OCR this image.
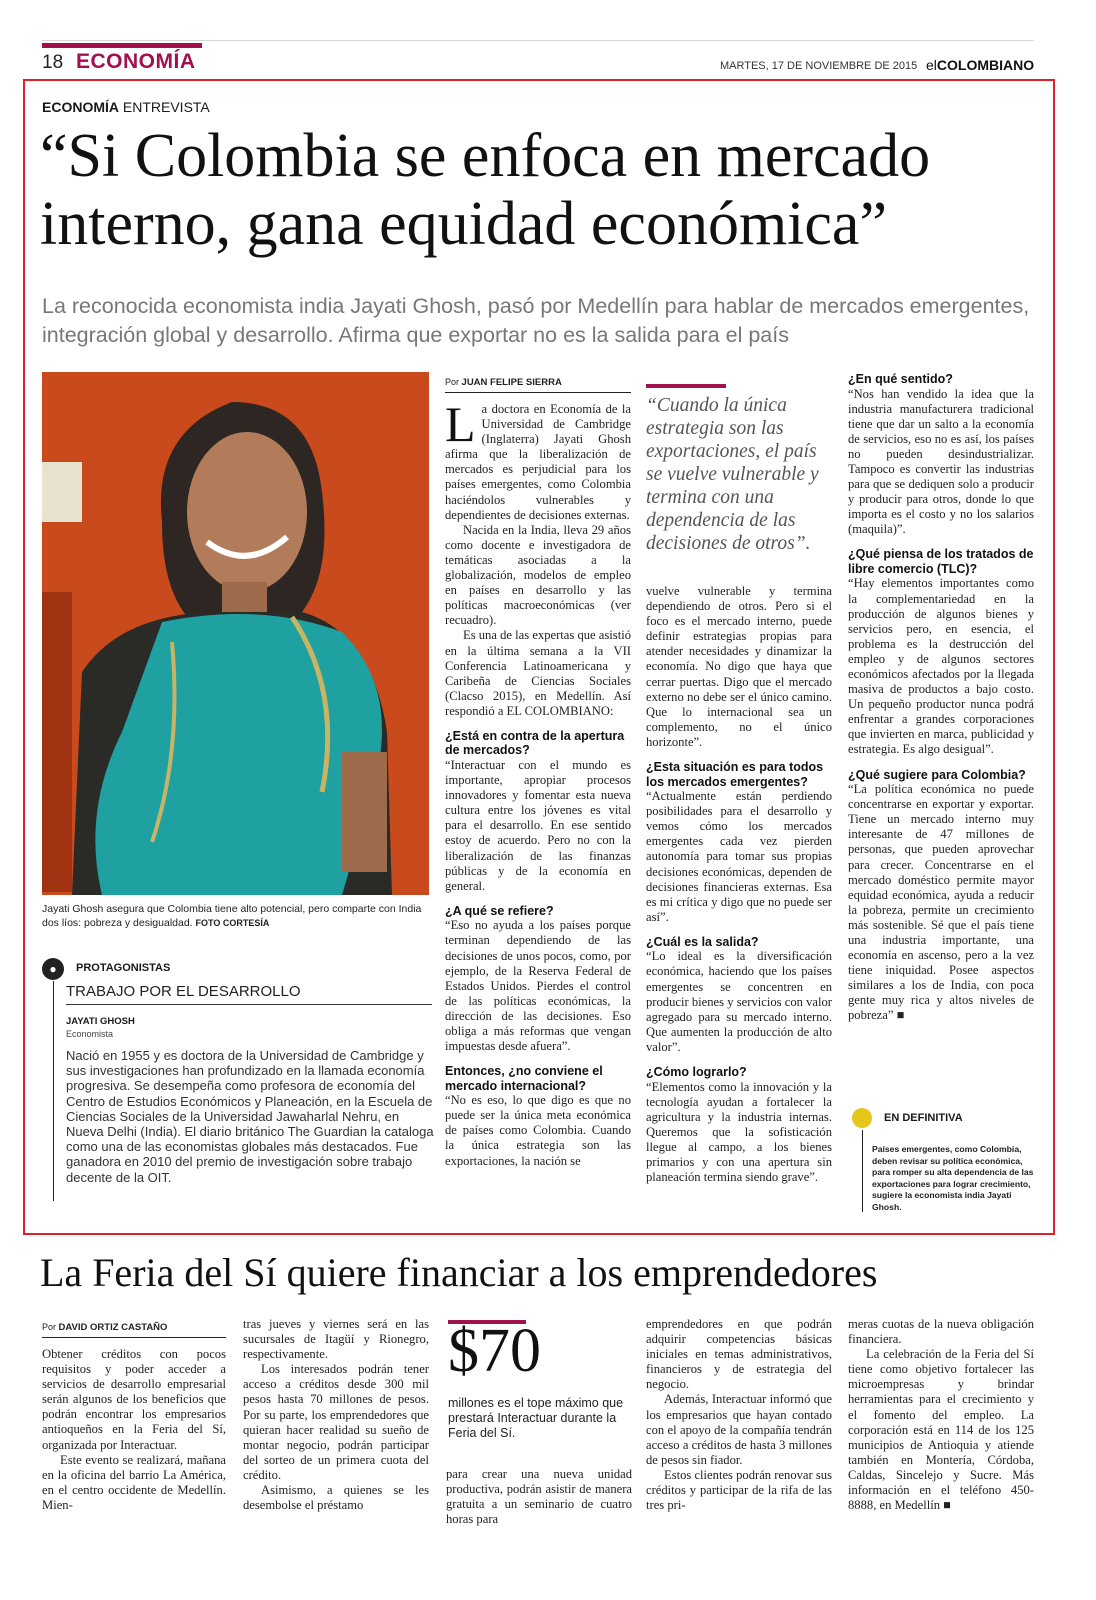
18 ECONOMÍA	MARTES, 17 DE NOVIEMBRE DE 2015 elCOLOMBIANO
ECONOMÍA ENTREVISTA
“Si Colombia se enfoca en mercado interno, gana equidad económica”
La reconocida economista india Jayati Ghosh, pasó por Medellín para hablar de mercados emergentes, integración global y desarrollo. Afirma que exportar no es la salida para el país
Jayati Ghosh asegura que Colombia tiene alto potencial, pero comparte con India dos líos: pobreza y desigualdad. FOTO CORTESÍA
●	PROTAGONISTAS
TRABAJO POR EL DESARROLLO
JAYATI GHOSH
Economista
Nació en 1955 y es doctora de la Universidad de Cambridge y sus investigaciones han profundizado en la llamada economía progresiva. Se desempeña como profesora de economía del Centro de Estudios Económicos y Planeación, en la Escuela de Ciencias Sociales de la Universidad Jawaharlal Nehru, en Nueva Delhi (India). El diario británico The Guardian la cataloga como una de las economistas globales más destacados. Fue ganadora en 2010 del premio de investigación sobre trabajo decente de la OIT.
Por JUAN FELIPE SIERRA

La doctora en Economía de la Universidad de Cambridge (Inglaterra) Jayati Ghosh afirma que la liberalización de mercados es perjudicial para los países emergentes, como Colombia haciéndolos vulnerables y dependientes de decisiones externas.

Nacida en la India, lleva 29 años como docente e investigadora de temáticas asociadas a la globalización, modelos de empleo en países en desarrollo y las políticas macroeconómicas (ver recuadro).

Es una de las expertas que asistió en la última semana a la VII Conferencia Latinoamericana y Caribeña de Ciencias Sociales (Clacso 2015), en Medellín. Así respondió a EL COLOMBIANO:

¿Está en contra de la apertura de mercados?

“Interactuar con el mundo es importante, apropiar procesos innovadores y fomentar esta nueva cultura entre los jóvenes es vital para el desarrollo. En ese sentido estoy de acuerdo. Pero no con la liberalización de las finanzas públicas y de la economía en general.

¿A qué se refiere?

“Eso no ayuda a los países porque terminan dependiendo de las decisiones de unos pocos, como, por ejemplo, de la Reserva Federal de Estados Unidos. Pierdes el control de las políticas económicas, la dirección de las decisiones. Eso obliga a más reformas que vengan impuestas desde afuera”.

Entonces, ¿no conviene el mercado internacional?

“No es eso, lo que digo es que no puede ser la única meta económica de países como Colombia. Cuando la única estrategia son las exportaciones, la nación se

“Cuando la única estrategia son las exportaciones, el país se vuelve vulnerable y termina con una dependencia de las decisiones de otros”.

vuelve vulnerable y termina dependiendo de otros. Pero si el foco es el mercado interno, puede definir estrategias propias para atender necesidades y dinamizar la economía. No digo que haya que cerrar puertas. Digo que el mercado externo no debe ser el único camino. Que lo internacional sea un complemento, no el único horizonte”.

¿Esta situación es para todos los mercados emergentes?

“Actualmente están perdiendo posibilidades para el desarrollo y vemos cómo los mercados emergentes cada vez pierden autonomía para tomar sus propias decisiones económicas, dependen de decisiones financieras externas. Esa es mi crítica y digo que no puede ser así”.

¿Cuál es la salida?

“Lo ideal es la diversificación económica, haciendo que los países emergentes se concentren en producir bienes y servicios con valor agregado para su mercado interno. Que aumenten la producción de alto valor”.

¿Cómo lograrlo?

“Elementos como la innovación y la tecnología ayudan a fortalecer la agricultura y la industria internas. Queremos que la sofisticación llegue al campo, a los bienes primarios y con una apertura sin planeación termina siendo grave”.

¿En qué sentido?

“Nos han vendido la idea que la industria manufacturera tradicional tiene que dar un salto a la economía de servicios, eso no es así, los países no pueden desindustrializar. Tampoco es convertir las industrias para que se dediquen solo a producir y producir para otros, donde lo que importa es el costo y no los salarios (maquila)”.

¿Qué piensa de los tratados de libre comercio (TLC)?

“Hay elementos importantes como la complementariedad en la producción de algunos bienes y servicios pero, en esencia, el problema es la destrucción del empleo y de algunos sectores económicos afectados por la llegada masiva de productos a bajo costo. Un pequeño productor nunca podrá enfrentar a grandes corporaciones que invierten en marca, publicidad y estrategia. Es algo desigual”.

¿Qué sugiere para Colombia?

“La política económica no puede concentrarse en exportar y exportar. Tiene un mercado interno muy interesante de 47 millones de personas, que pueden aprovechar para crecer. Concentrarse en el mercado doméstico permite mayor equidad económica, ayuda a reducir la pobreza, permite un crecimiento más sostenible. Sé que el país tiene una industria importante, una economía en ascenso, pero a la vez tiene iniquidad. Posee aspectos similares a los de India, con poca gente muy rica y altos niveles de pobreza” ■

EN DEFINITIVA
Países emergentes, como Colombia, deben revisar su política económica, para romper su alta dependencia de las exportaciones para lograr crecimiento, sugiere la economista india Jayati Ghosh.
La Feria del Sí quiere financiar a los emprendedores
Por DAVID ORTIZ CASTAÑO

Obtener créditos con pocos requisitos y poder acceder a servicios de desarrollo empresarial serán algunos de los beneficios que podrán encontrar los empresarios antioqueños en la Feria del Sí, organizada por Interactuar.

Este evento se realizará, mañana en la oficina del barrio La América, en el centro occidente de Medellín. Mien-

tras jueves y viernes será en las sucursales de Itagüí y Rionegro, respectivamente.

Los interesados podrán tener acceso a créditos desde 300 mil pesos hasta 70 millones de pesos. Por su parte, los emprendedores que quieran hacer realidad su sueño de montar negocio, podrán participar del sorteo de un primera cuota del crédito.

Asimismo, a quienes se les desembolse el préstamo

$70
millones es el tope máximo que prestará Interactuar durante la Feria del Sí.

para crear una nueva unidad productiva, podrán asistir de manera gratuita a un seminario de cuatro horas para

emprendedores en que podrán adquirir competencias básicas iniciales en temas administrativos, financieros y de estrategia del negocio.

Además, Interactuar informó que los empresarios que hayan contado con el apoyo de la compañía tendrán acceso a créditos de hasta 3 millones de pesos sin fiador.

Estos clientes podrán renovar sus créditos y participar de la rifa de las tres pri-

meras cuotas de la nueva obligación financiera.

La celebración de la Feria del Sí tiene como objetivo fortalecer las microempresas y brindar herramientas para el crecimiento y el fomento del empleo. La corporación está en 114 de los 125 municipios de Antioquia y atiende también en Montería, Córdoba, Caldas, Sincelejo y Sucre. Más información en el teléfono 450-8888, en Medellín ■
